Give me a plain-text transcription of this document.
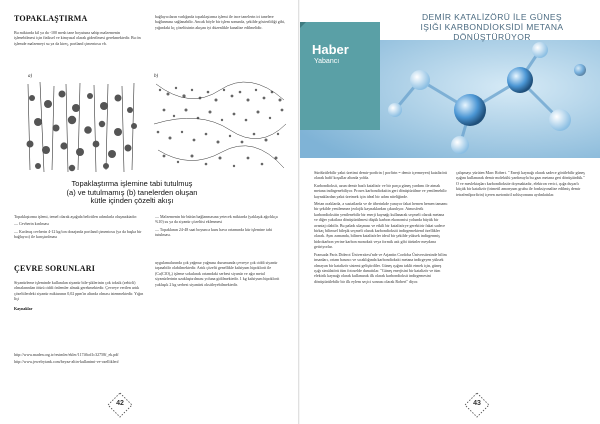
TOPAKLAŞTIRMA

Bu miktarda kil ya da -100 mesh tane boyutuna sahip malzemenin işlenebilmesi için fiziksel ve kimyasal olarak giderilmesi gerekmektedir. Bu ön işlemde malzemeyi su ya da kireç, portland çimentosu vb.

bağlayıcıların varlığında topaklaştırma işlemi ile ince tanelerin iri tanelere bağlanması sağlanabilir. Ancak böyle bir işlem sonunda, şekilde gösterildiği gibi, yığındaki kç çözeltisinin akışını iyi düzenlikle kanalize edilmelidir.

a)	b)
Topaklaştırma işlemine tabi tutulmuş
(a) ve tutulmamış (b) tanelerden oluşan
kütle içinden çözelti akışı

Topaklaştırma işlemi, temel olarak aşağıda belirtilen adımlarla oluşmaktadır:

— Cevherin kırılması

— Kırılmış cevherin 4-12 kg/ton dozajında portland çimentosu (ya da başka bir bağlayıcı) ile karıştırılması

— Malzemenin bir bütün bağlanmasına yetecek miktarda (yaklaşık ağırlıkça %10) su ya da siyanür çözeltisi eklenmesi

— Topaklanın 24-48 saat boyunca kuru hava ortamında kür işlemine tabi tutulması.

ÇEVRE SORUNLARI

Siyanürleme işleminde kullanılan siyanür bile-şiklerinin çok toksik (zehirli) olmalarından ötürü ciddi önlemler almak gerekmektedir. Çevreye verilen artık çözeltilerdeki siyanür miktarının 0,02 ppm'in altında olması istenmektedir. Yığın liçi

Kaynaklar

uygulamalarında çok yağmur yağması durumunda çevreye çok ciddi siyanür taşınabilir olabilmektedir. Artık çözelti genellikle kalsiyum hipoklorit ile (Ca(ClO)₂) işleme sokularak ortamdaki serbest siyanür ve ağır metal siyanürlerinin uzaklaştırılması yoluna gidilmektedir. 1 kg kalsiyum hipoklorit yaklaşık 2 kg serbest siyanürü oksitleyebilmektedir.

http://www.maden.org.tr/resimler/ekler/11746cd1c32758f_ek.pdf

http://www.jewelrytank.com/beyaz-altin-kullanimi-ve-ozellikleri/

42
Haber
Yabancı
DEMİR KATALİZÖRÜ İLE GÜNEŞ
IŞIĞI KARBONDİOKSİDİ METANA
DÖNÜŞTÜRÜYOR

Sürdürülebilir yakıt üretimi demir-porfirin ( porfirin = demir içermeyen) katalizörü olarak hafif koşullar altında yolda.

Karbondioksit, uzun demir bazlı katalizör ve bir parça güneş yardımı ile atmak metana indirgenebiliyor. Proses karbondioksitin geri dönüştürülme ve yenilenebilir kaynaklardan yakıt üretmek için ideal bir adım niteliğinde.

Metan oraklarda, a sustatlarda ve de tiberinkde yanıyor fakat hemen hemen tamamı bir şekilde yenilenmez jeolojik kaynaklardan çıkarılıyor. Atmosferik karbondioksitin yenilenebilir bir enerji kaynağı kullanarak seçmeli olarak metana ve diğer yakıtlara dönüştürülmesi düşük karbon ekonomisi yolunda büyük bir avantaj olabilir. Bu paladı ulaşması ve etkili bir katalizörye gerektirir fakat sadece birkaç bilimsel bileşik seçmeli olarak karbondioksiti indirgemektend özellikler olarak. Aynı zamanda, bilinen katalizörler ideal bir şekilde yüksek indirgenmiş hidrokarbon yerine karbon monoksit veya formik asit gibi türünler meydana getiriyorlar.

Fransada Paris Diderot Üniversitesi'nde ve Arjantin Cordoba Üniversitesinde bilim insanları, ortam basıncı ve sıcaklığında karbondioksiti metana indirgeyen yüksek olmayan bir katalizör sistemi geliştirdiler. Güneş ışığını taklit etmek için, güneş ışığı simülatörü tüm fotoselde damıttılar. "Güneş enerjisini bir katalizör ve tüm elektrik kaynağı olarak kullanarak ilk olarak karbondioksit indirgemesini dönüştürülebilir bir ilk eylem seçici sonrası olarak Robert" diyor.

çalışmayı yürüten Marc Robert. " Enerji kaynağı olarak sadece görülebilir güneş ışığını kullanarak demir molekülü yardımıyla bu gazı metana geri dönüştürdük." O ve meslektaşları karbondioksite doymaktadır, elektron verici, ışığa duyarlı küçük bir katalizör (trimetil amonyum grubu ile fonksiyonalize edilmiş demir tetrafenilporfirin) içeren asetonitril solüsyonunu aydınlattılar.

43
